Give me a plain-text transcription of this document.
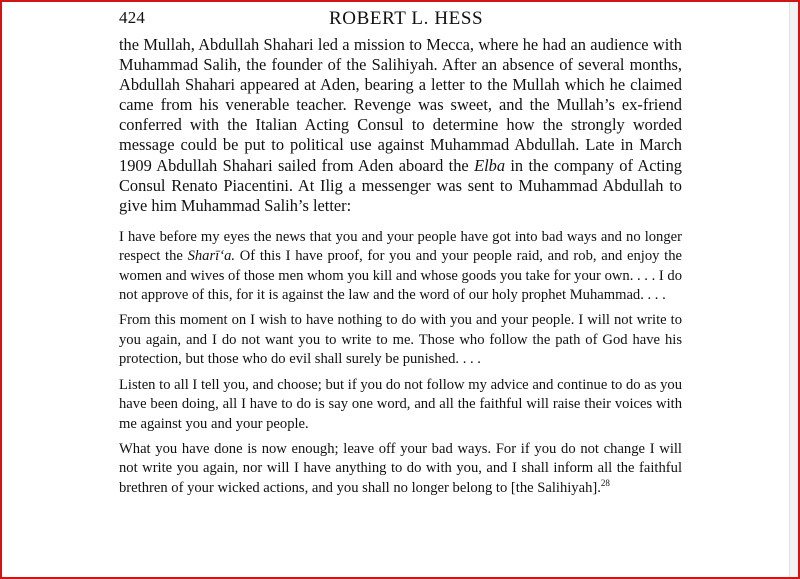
424	ROBERT L. HESS

the Mullah, Abdullah Shahari led a mission to Mecca, where he had an audience with Muhammad Salih, the founder of the Salihiyah. After an absence of several months, Abdullah Shahari appeared at Aden, bearing a letter to the Mullah which he claimed came from his venerable teacher. Revenge was sweet, and the Mullah’s ex-friend conferred with the Italian Acting Consul to determine how the strongly worded message could be put to political use against Muhammad Abdullah. Late in March 1909 Abdullah Shahari sailed from Aden aboard the Elba in the company of Acting Consul Renato Piacentini. At Ilig a messenger was sent to Muhammad Abdullah to give him Muhammad Salih’s letter:

I have before my eyes the news that you and your people have got into bad ways and no longer respect the Sharī‘a. Of this I have proof, for you and your people raid, and rob, and enjoy the women and wives of those men whom you kill and whose goods you take for your own. . . . I do not approve of this, for it is against the law and the word of our holy prophet Muhammad. . . .

From this moment on I wish to have nothing to do with you and your people. I will not write to you again, and I do not want you to write to me. Those who follow the path of God have his protection, but those who do evil shall surely be punished. . . .

Listen to all I tell you, and choose; but if you do not follow my advice and continue to do as you have been doing, all I have to do is say one word, and all the faithful will raise their voices with me against you and your people.

What you have done is now enough; leave off your bad ways. For if you do not change I will not write you again, nor will I have anything to do with you, and I shall inform all the faithful brethren of your wicked actions, and you shall no longer belong to [the Salihiyah].$^{28}$
